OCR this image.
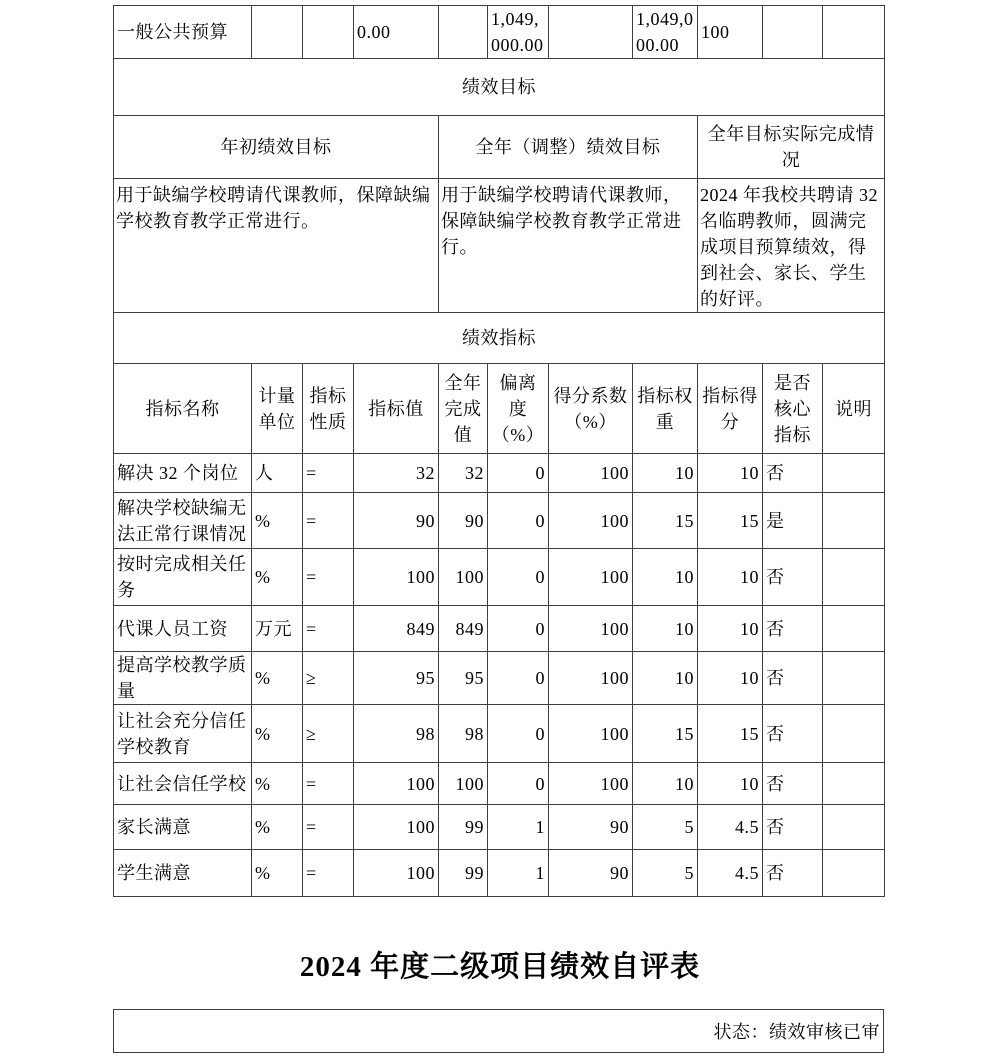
一般公共预算			0.00		1,049,000.00		1,049,000.00	100		
绩效目标										
年初绩效目标				全年（调整）绩效目标				全年目标实际完成情况		
用于缺编学校聘请代课教师，保障缺编学校教育教学正常进行。				用于缺编学校聘请代课教师，保障缺编学校教育教学正常进行。				2024 年我校共聘请 32 名临聘教师，圆满完成项目预算绩效，得到社会、家长、学生的好评。		
绩效指标										
指标名称	计量单位	指标性质	指标值	全年完成值	偏离度（%）	得分系数（%）	指标权重	指标得分	是否核心指标	说明
解决 32 个岗位	人	=	32	32	0	100	10	10	否	
解决学校缺编无法正常行课情况	%	=	90	90	0	100	15	15	是	
按时完成相关任务	%	=	100	100	0	100	10	10	否	
代课人员工资	万元	=	849	849	0	100	10	10	否	
提高学校教学质量	%	≥	95	95	0	100	10	10	否	
让社会充分信任学校教育	%	≥	98	98	0	100	15	15	否	
让社会信任学校	%	=	100	100	0	100	10	10	否	
家长满意	%	=	100	99	1	90	5	4.5	否	
学生满意	%	=	100	99	1	90	5	4.5	否	
2024 年度二级项目绩效自评表
状态：绩效审核已审
